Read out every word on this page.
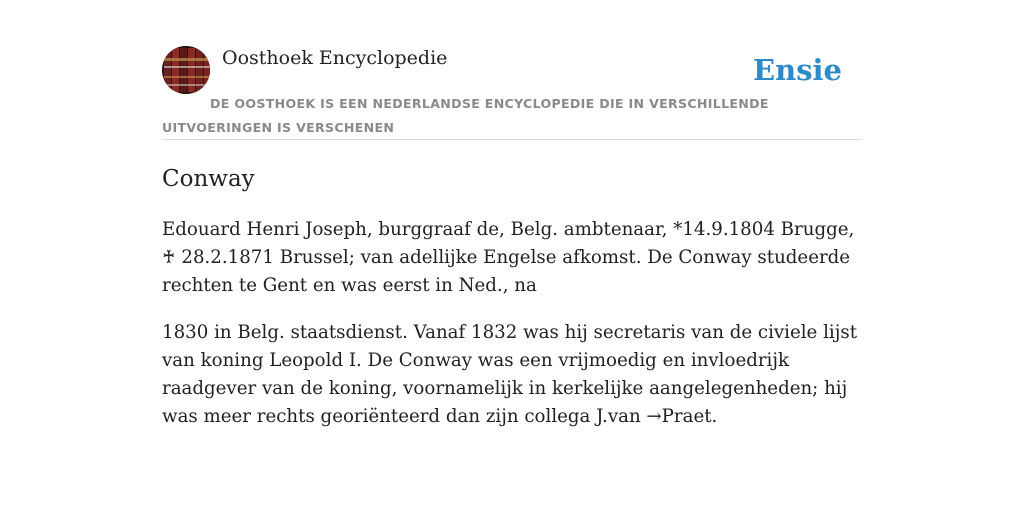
Oosthoek Encyclopedie	Ensie

DE OOSTHOEK IS EEN NEDERLANDSE ENCYCLOPEDIE DIE IN VERSCHILLENDE UITVOERINGEN IS VERSCHENEN

Conway

Edouard Henri Joseph, burggraaf de, Belg. ambtenaar, *14.9.1804 Brugge, ♰ 28.2.1871 Brussel; van adellijke Engelse afkomst. De Conway studeerde rechten te Gent en was eerst in Ned., na

1830 in Belg. staatsdienst. Vanaf 1832 was hij secretaris van de civiele lijst van koning Leopold I. De Conway was een vrijmoedig en invloedrijk raadgever van de koning, voornamelijk in kerkelijke aangelegenheden; hij was meer rechts georiënteerd dan zijn collega J.van →Praet.
